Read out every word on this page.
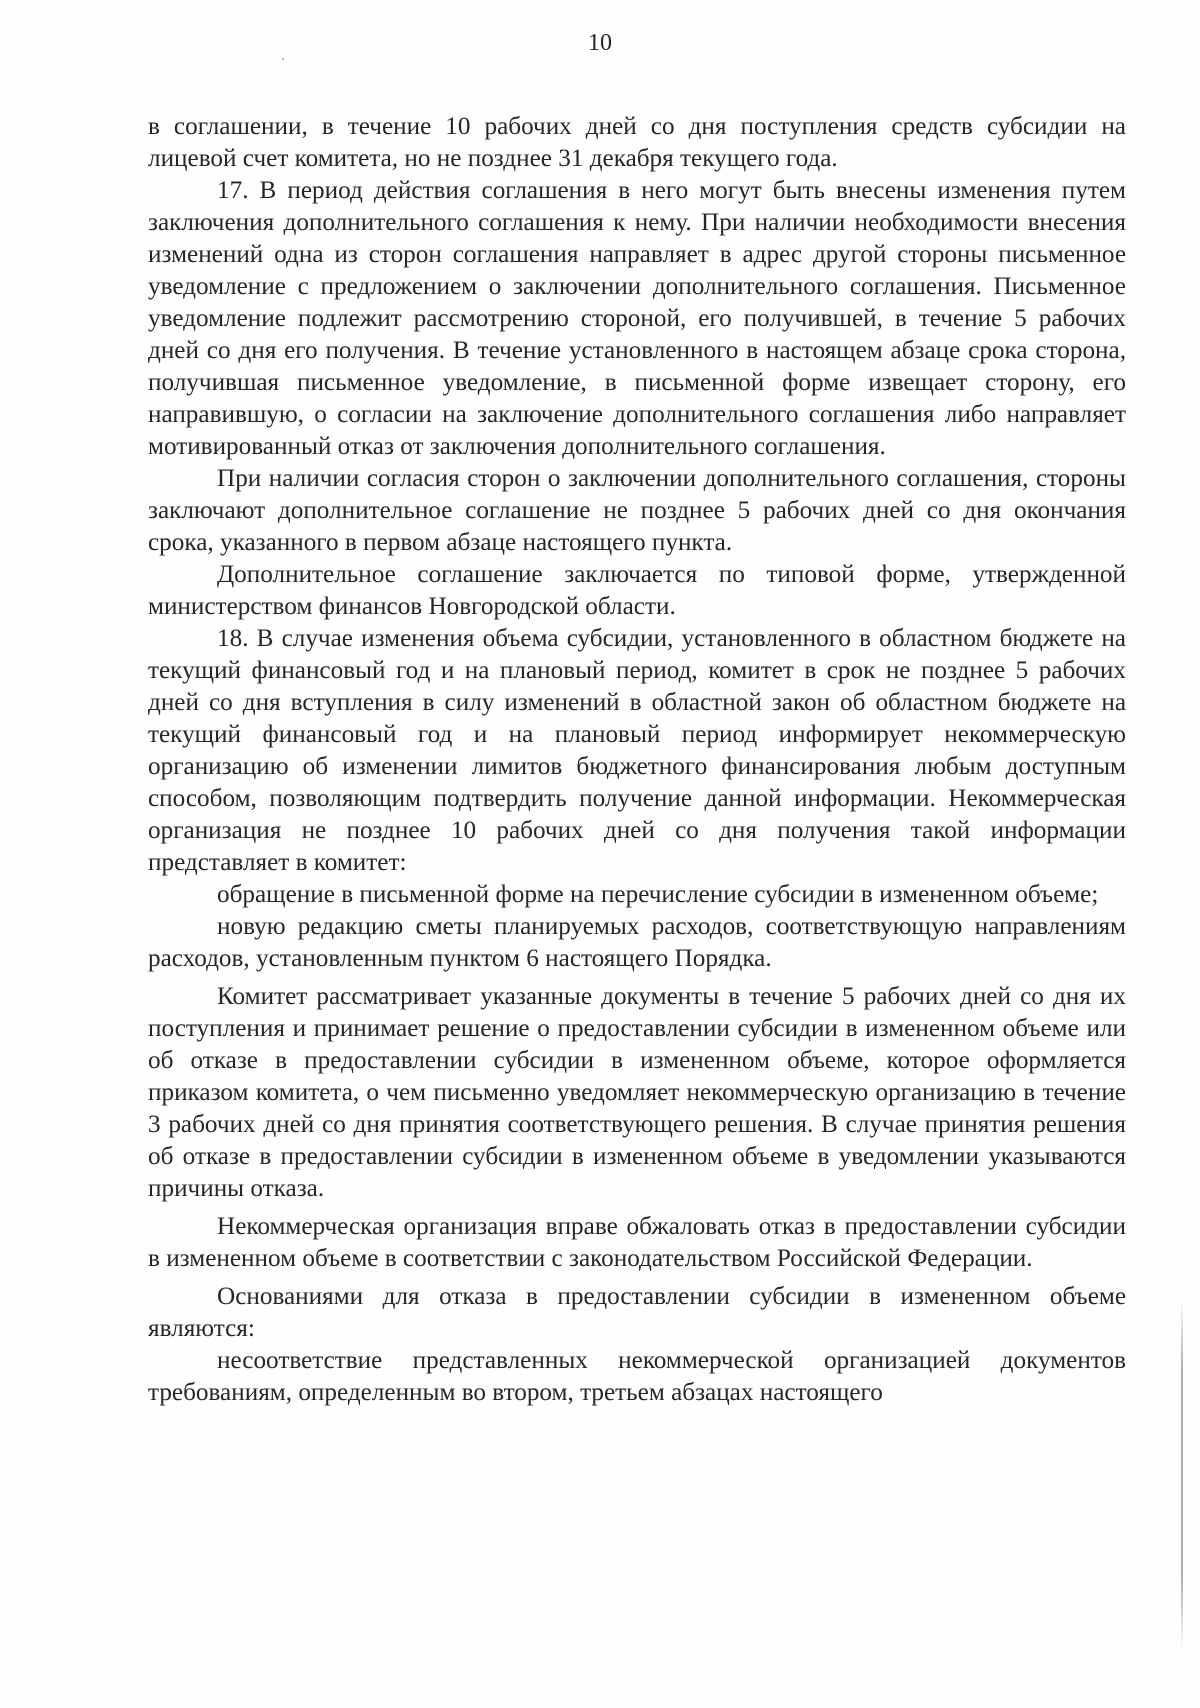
10

в соглашении, в течение 10 рабочих дней со дня поступления средств субсидии на лицевой счет комитета, но не позднее 31 декабря текущего года.

17. В период действия соглашения в него могут быть внесены изменения путем заключения дополнительного соглашения к нему. При наличии необходимости внесения изменений одна из сторон соглашения направляет в адрес другой стороны письменное уведомление с предложением о заключении дополнительного соглашения. Письменное уведомление подлежит рассмотрению стороной, его получившей, в течение 5 рабочих дней со дня его получения. В течение установленного в настоящем абзаце срока сторона, получившая письменное уведомление, в письменной форме извещает сторону, его направившую, о согласии на заключение дополнительного соглашения либо направляет мотивированный отказ от заключения дополнительного соглашения.

При наличии согласия сторон о заключении дополнительного соглашения, стороны заключают дополнительное соглашение не позднее 5 рабочих дней со дня окончания срока, указанного в первом абзаце настоящего пункта.

Дополнительное соглашение заключается по типовой форме, утвержденной министерством финансов Новгородской области.

18. В случае изменения объема субсидии, установленного в областном бюджете на текущий финансовый год и на плановый период, комитет в срок не позднее 5 рабочих дней со дня вступления в силу изменений в областной закон об областном бюджете на текущий финансовый год и на плановый период информирует некоммерческую организацию об изменении лимитов бюджетного финансирования любым доступным способом, позволяющим подтвердить получение данной информации. Некоммерческая организация не позднее 10 рабочих дней со дня получения такой информации представляет в комитет:

обращение в письменной форме на перечисление субсидии в измененном объеме;

новую редакцию сметы планируемых расходов, соответствующую направлениям расходов, установленным пунктом 6 настоящего Порядка.

Комитет рассматривает указанные документы в течение 5 рабочих дней со дня их поступления и принимает решение о предоставлении субсидии в измененном объеме или об отказе в предоставлении субсидии в измененном объеме, которое оформляется приказом комитета, о чем письменно уведомляет некоммерческую организацию в течение 3 рабочих дней со дня принятия соответствующего решения. В случае принятия решения об отказе в предоставлении субсидии в измененном объеме в уведомлении указываются причины отказа.

Некоммерческая организация вправе обжаловать отказ в предоставлении субсидии в измененном объеме в соответствии с законодательством Российской Федерации.

Основаниями для отказа в предоставлении субсидии в измененном объеме являются:

несоответствие представленных некоммерческой организацией документов требованиям, определенным во втором, третьем абзацах настоящего
